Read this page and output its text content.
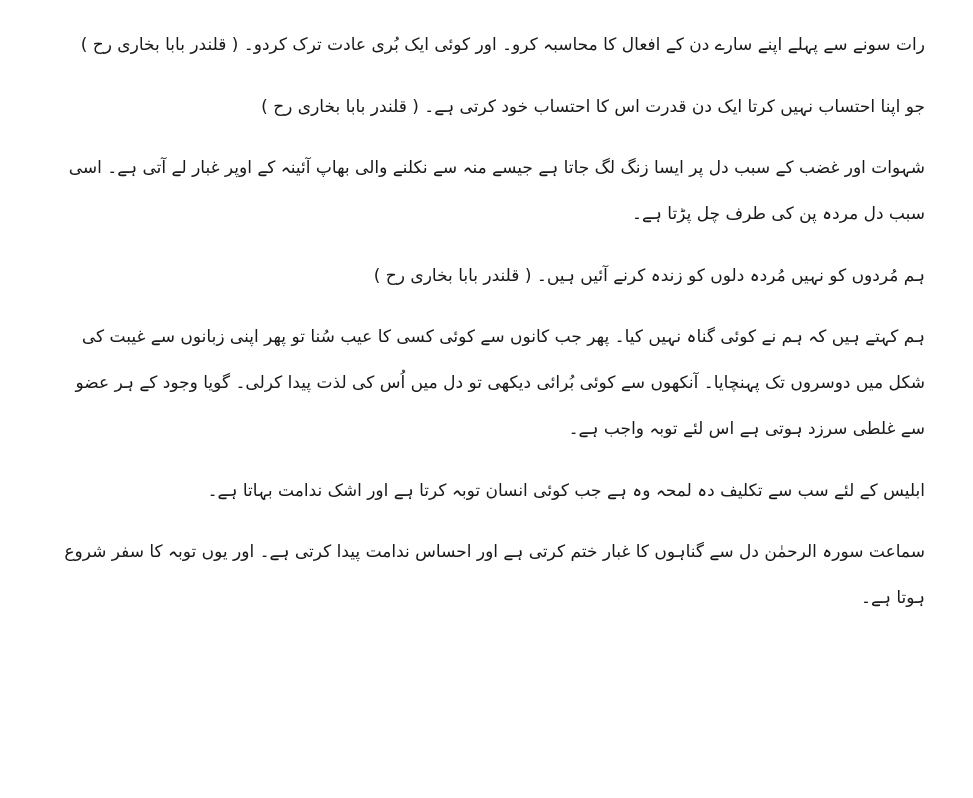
رات سونے سے پہلے اپنے سارے دن کے افعال کا محاسبہ کرو۔ اور کوئی ایک بُری عادت ترک کردو۔ ( قلندر بابا بخاری رح )

جو اپنا احتساب نہیں کرتا ایک دن قدرت اس کا احتساب خود کرتی ہے۔ ( قلندر بابا بخاری رح )

شہوات اور غضب کے سبب دل پر ایسا زنگ لگ جاتا ہے جیسے منہ سے نکلنے والی بھاپ آئینہ کے اوپر غبار لے آتی ہے۔ اسی سبب دل مردہ پن کی طرف چل پڑتا ہے۔

ہم مُردوں کو نہیں مُردہ دلوں کو زندہ کرنے آئیں ہیں۔ ( قلندر بابا بخاری رح )

ہم کہتے ہیں کہ ہم نے کوئی گناہ نہیں کیا۔ پھر جب کانوں سے کوئی کسی کا عیب سُنا تو پھر اپنی زبانوں سے غیبت کی شکل میں دوسروں تک پہنچایا۔ آنکھوں سے کوئی بُرائی دیکھی تو دل میں اُس کی لذت پیدا کرلی۔ گویا وجود کے ہر عضو سے غلطی سرزد ہوتی ہے اس لئے توبہ واجب ہے۔

ابلیس کے لئے سب سے تکلیف دہ لمحہ وہ ہے جب کوئی انسان توبہ کرتا ہے اور اشک ندامت بہاتا ہے۔

سماعت سورہ الرحمٰن دل سے گناہوں کا غبار ختم کرتی ہے اور احساس ندامت پیدا کرتی ہے۔ اور یوں توبہ کا سفر شروع ہوتا ہے۔
